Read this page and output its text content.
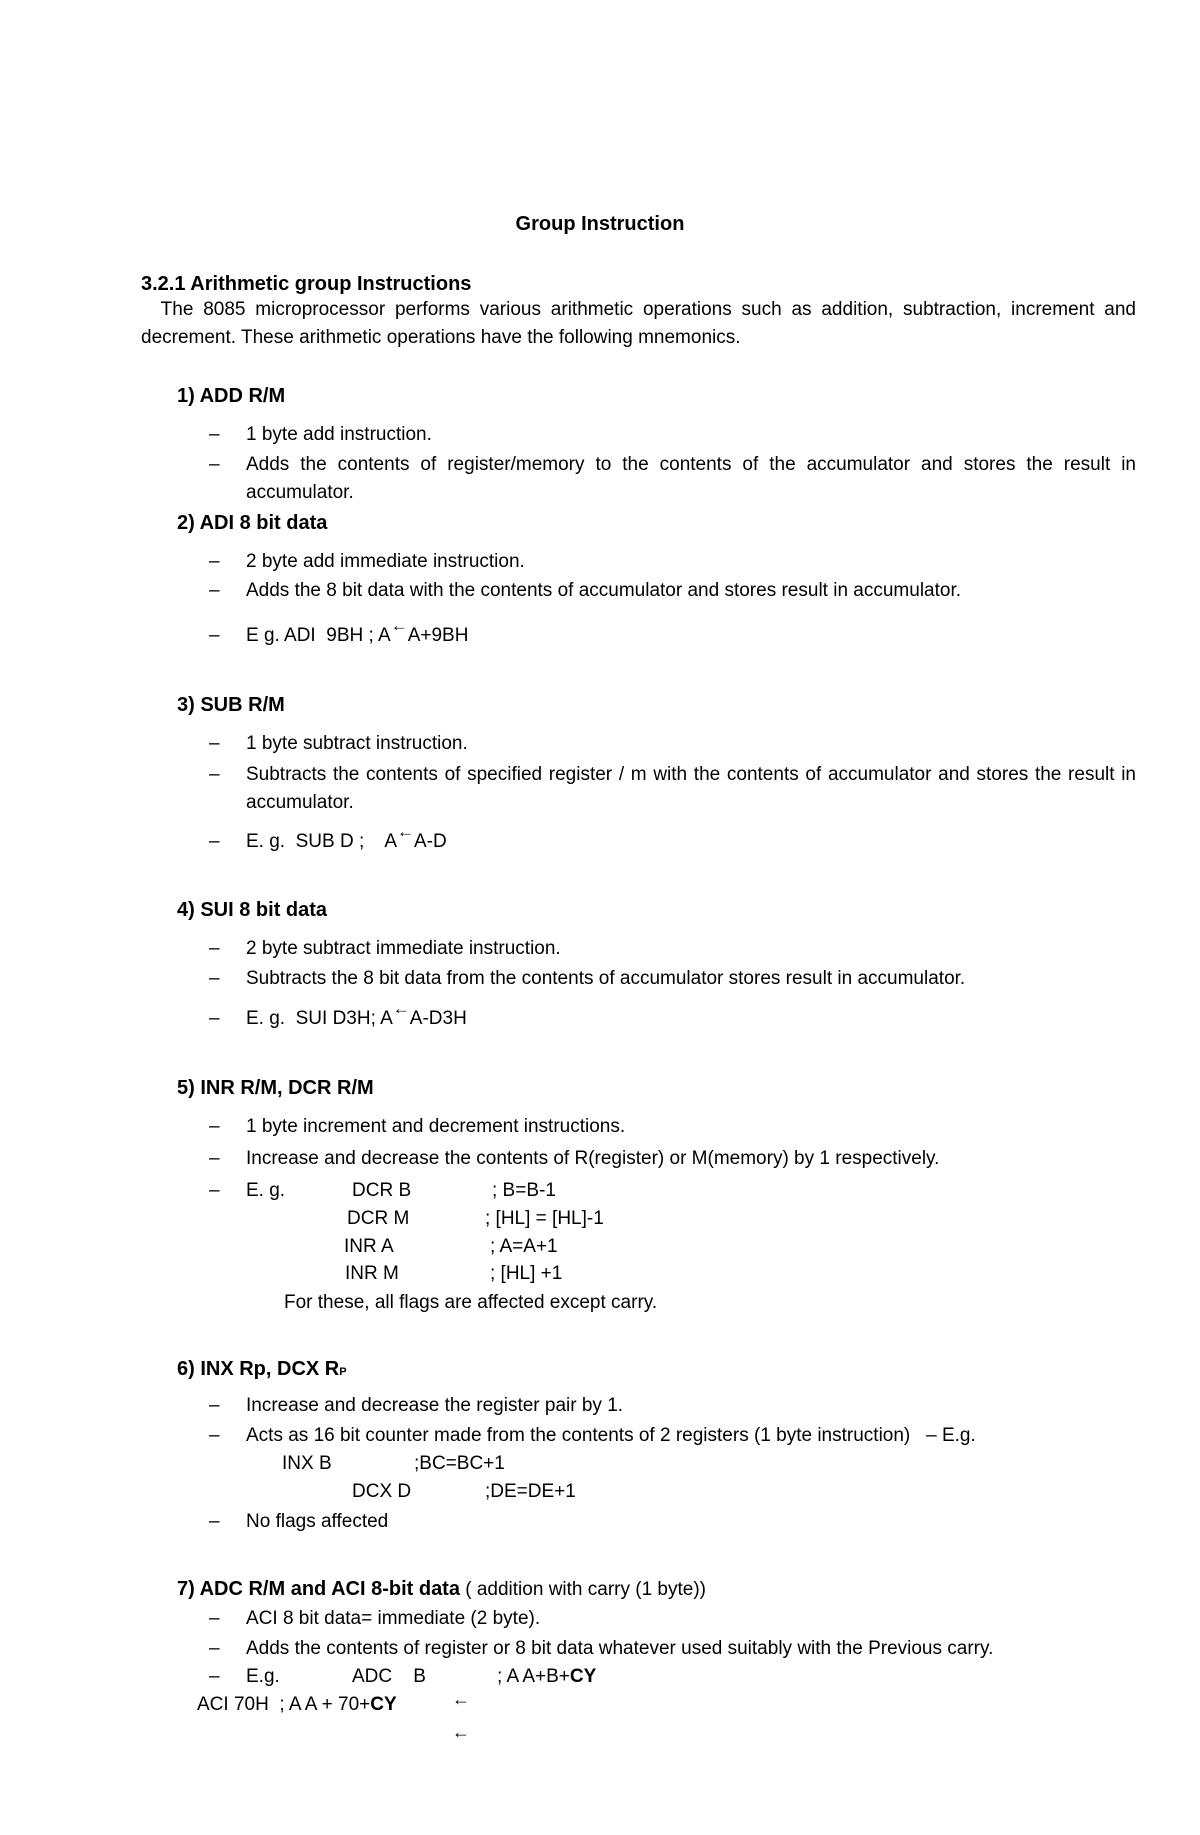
Group Instruction
3.2.1 Arithmetic group Instructions
The 8085 microprocessor performs various arithmetic operations such as addition, subtraction, increment and decrement. These arithmetic operations have the following mnemonics.
1) ADD R/M
– 1 byte add instruction.
– Adds the contents of register/memory to the contents of the accumulator and stores the result in accumulator.
2) ADI 8 bit data
– 2 byte add immediate instruction.
– Adds the 8 bit data with the contents of accumulator and stores result in accumulator.
– E g. ADI  9BH ; A←A+9BH
3) SUB R/M
– 1 byte subtract instruction.
– Subtracts the contents of specified register / m with the contents of accumulator and stores the result in accumulator.
– E. g.  SUB D ;    A←A-D
4) SUI 8 bit data
– 2 byte subtract immediate instruction.
– Subtracts the 8 bit data from the contents of accumulator stores result in accumulator.
– E. g.  SUI D3H; A←A-D3H
5) INR R/M, DCR R/M
– 1 byte increment and decrement instructions.
– Increase and decrease the contents of R(register) or M(memory) by 1 respectively.
– E. g.	DCR B	; B=B-1
DCR M	; [HL] = [HL]-1
INR A	; A=A+1
INR M	; [HL] +1
For these, all flags are affected except carry.
6) INX Rp, DCX RP
– Increase and decrease the register pair by 1.
– Acts as 16 bit counter made from the contents of 2 registers (1 byte instruction)   – E.g.
INX B	;BC=BC+1
DCX D	;DE=DE+1
– No flags affected
7) ADC R/M and ACI 8-bit data ( addition with carry (1 byte))
– ACI 8 bit data= immediate (2 byte).
– Adds the contents of register or 8 bit data whatever used suitably with the Previous carry.
– E.g.	ADC    B	; A A+B+CY
ACI 70H  ; A A + 70+CY	←
←
